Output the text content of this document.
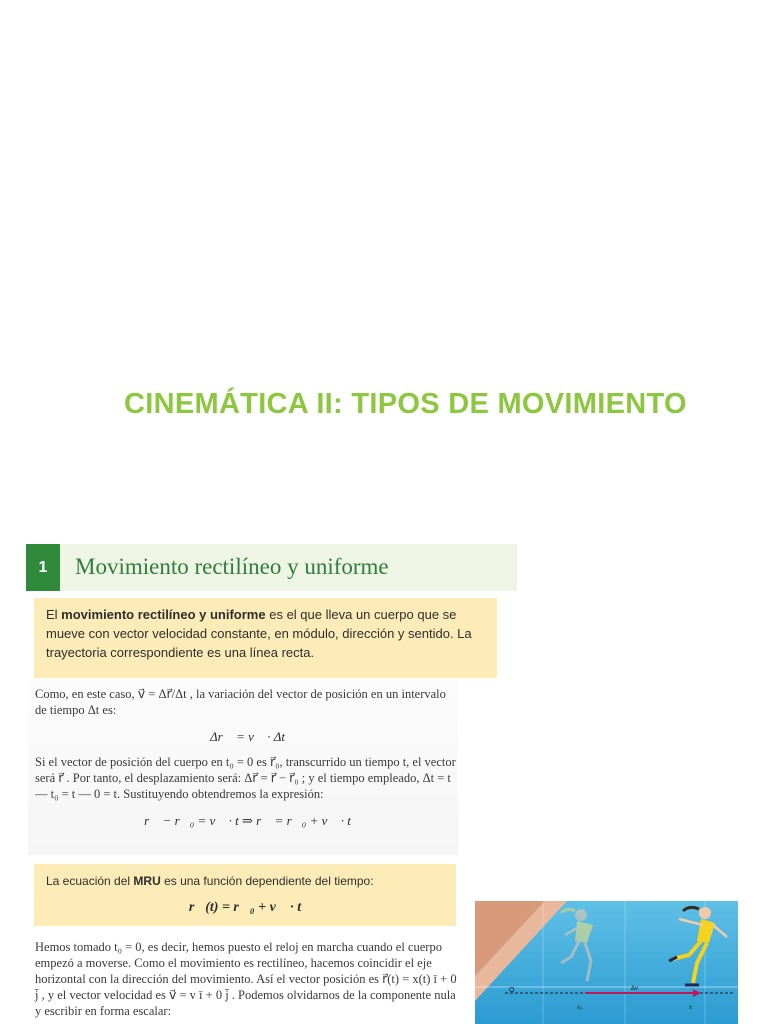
CINEMÁTICA II: TIPOS DE MOVIMIENTO
1	Movimiento rectilíneo y uniforme
El movimiento rectilíneo y uniforme es el que lleva un cuerpo que se mueve con vector velocidad constante, en módulo, dirección y sentido. La trayectoria correspondiente es una línea recta.
Como, en este caso, v⃗ = Δr⃗/Δt , la variación del vector de posición en un intervalo de tiempo Δt es:
Δr⃗ = v⃗ · Δt
Si el vector de posición del cuerpo en t₀ = 0 es r⃗₀, transcurrido un tiempo t, el vector será r⃗ . Por tanto, el desplazamiento será: Δr⃗ = r⃗ − r⃗₀ ; y el tiempo empleado, Δt = t — t₀ = t — 0 = t. Sustituyendo obtendremos la expresión:
r⃗ − r⃗₀ = v⃗ · t ⇒ r⃗ = r⃗₀ + v⃗ · t
La ecuación del MRU es una función dependiente del tiempo:
r⃗(t) = r⃗₀ + v⃗ · t
Hemos tomado t₀ = 0, es decir, hemos puesto el reloj en marcha cuando el cuerpo empezó a moverse. Como el movimiento es rectilíneo, hacemos coincidir el eje horizontal con la dirección del movimiento. Así el vector posición es r⃗(t) = x(t) ī + 0 j̄ , y el vector velocidad es v⃗ = v ī + 0 j̄ . Podemos olvidarnos de la componente nula y escribir en forma escalar:
O	Δv
x₀	x
